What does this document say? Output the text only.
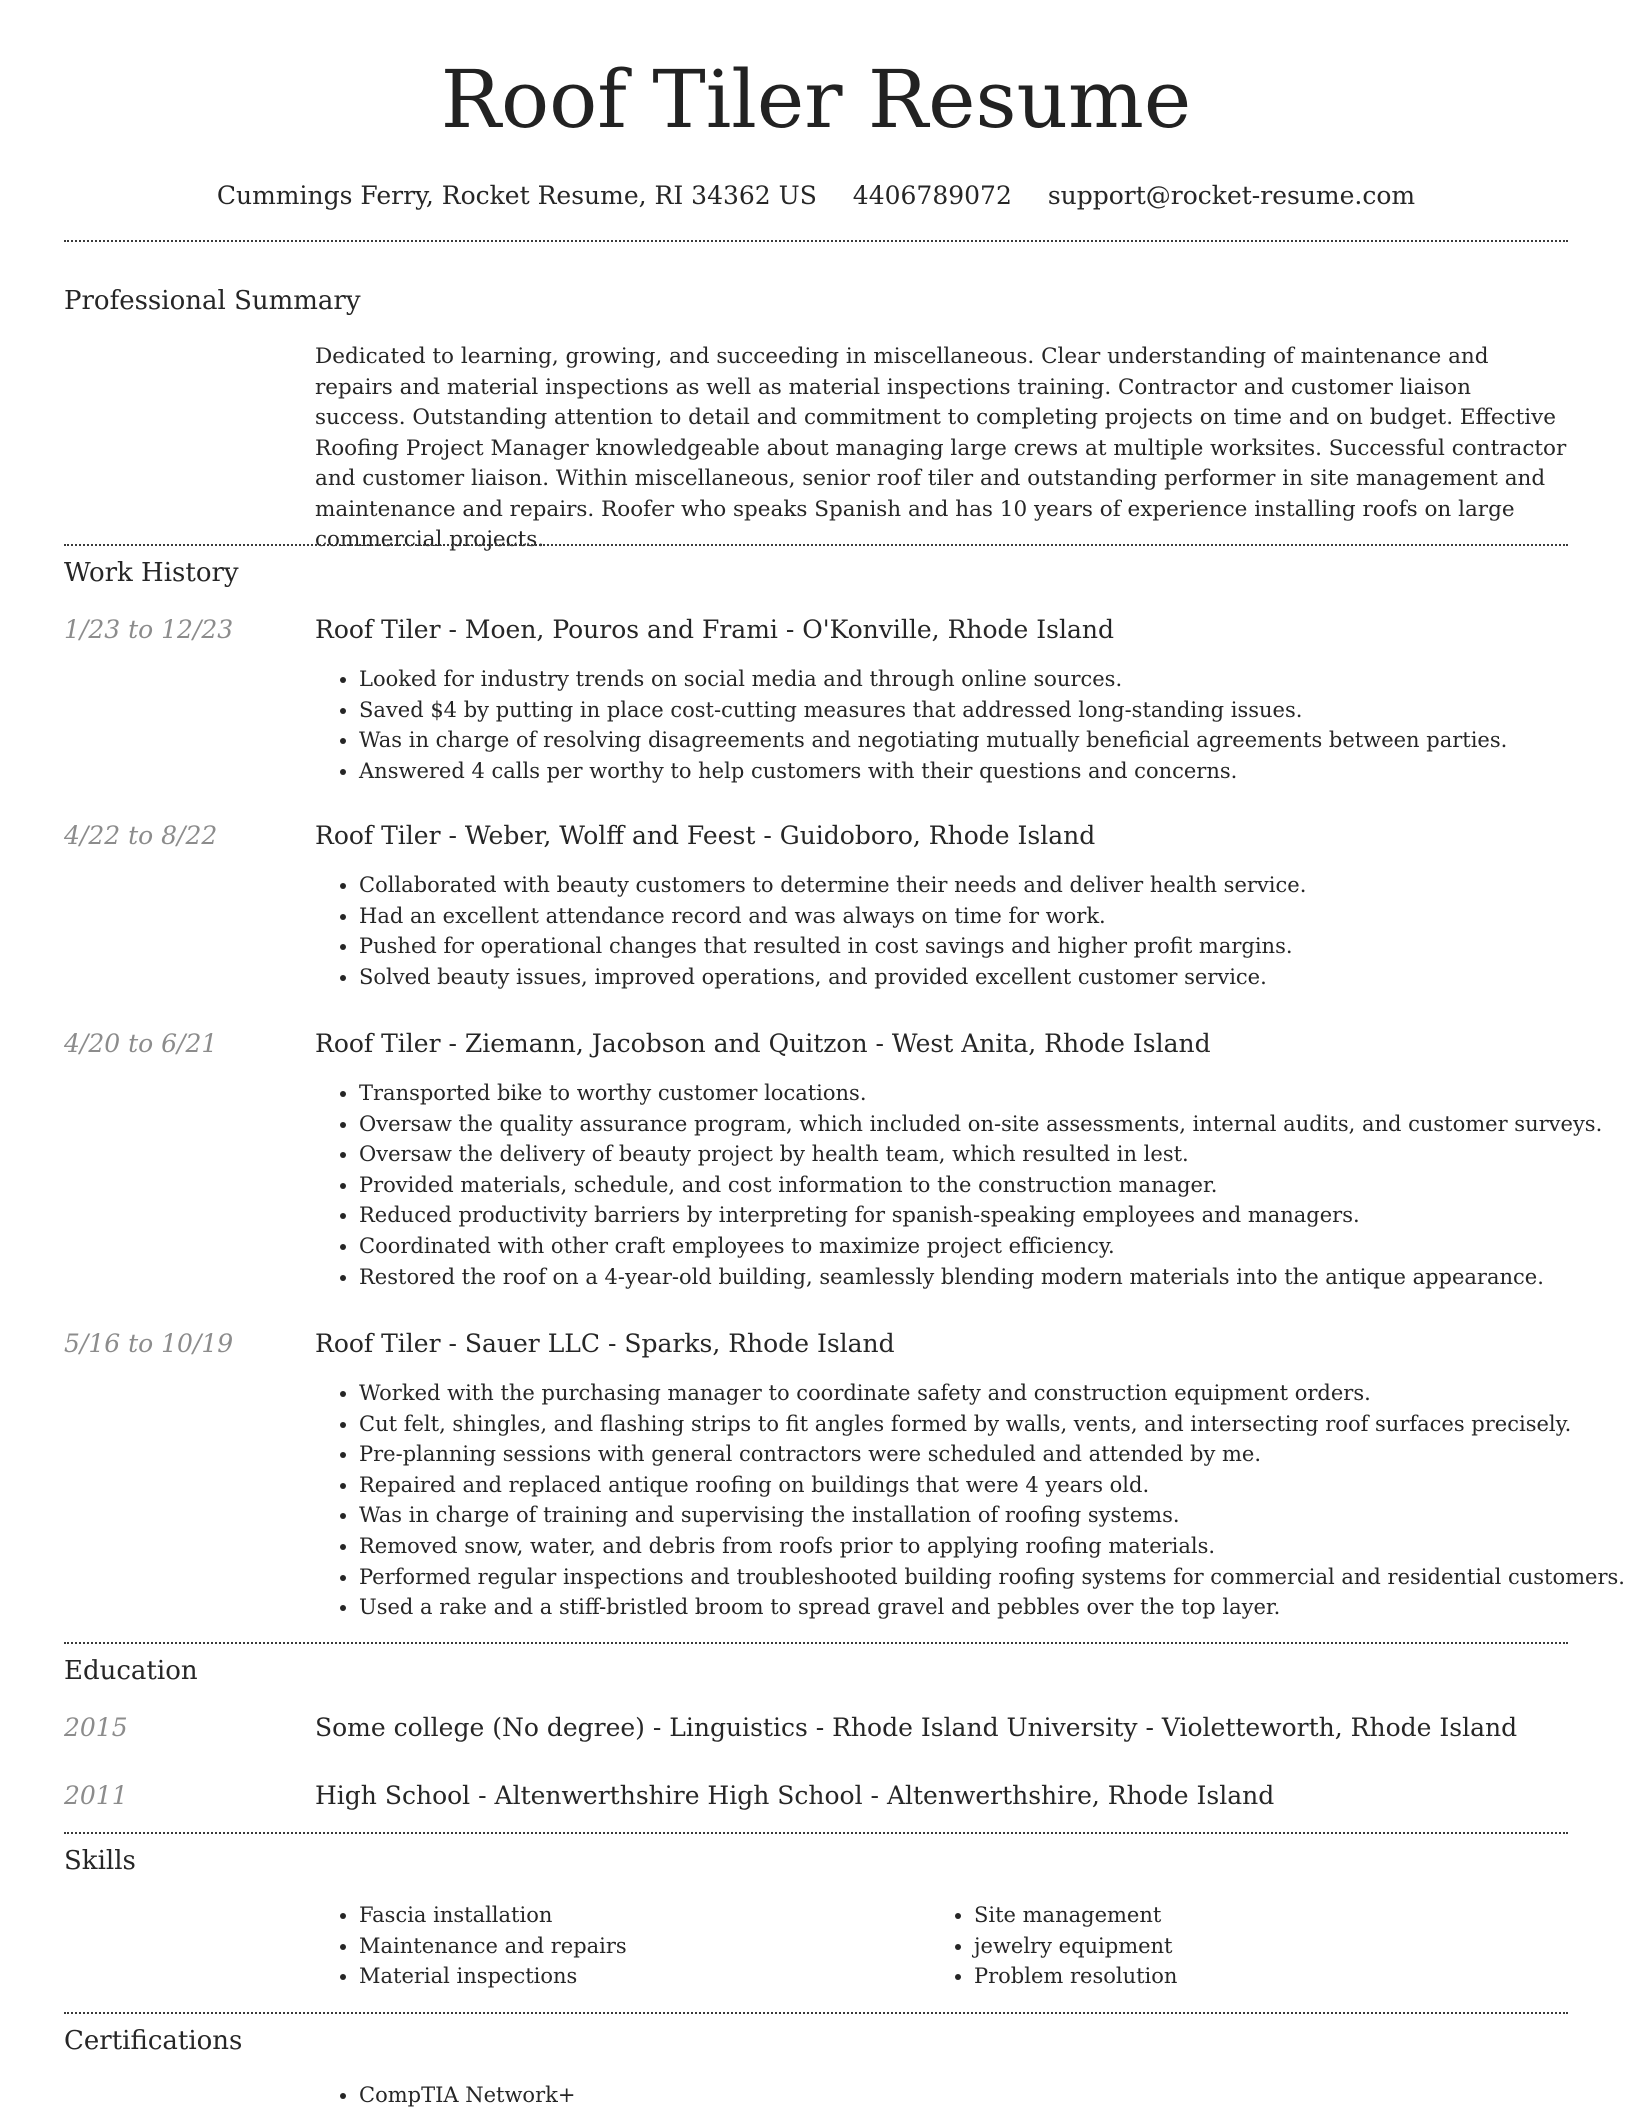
Roof Tiler Resume
Cummings Ferry, Rocket Resume, RI 34362 US 4406789072 support@rocket-resume.com
Professional Summary

Dedicated to learning, growing, and succeeding in miscellaneous. Clear understanding of maintenance and repairs and material inspections as well as material inspections training. Contractor and customer liaison success. Outstanding attention to detail and commitment to completing projects on time and on budget. Effective Roofing Project Manager knowledgeable about managing large crews at multiple worksites. Successful contractor and customer liaison. Within miscellaneous, senior roof tiler and outstanding performer in site management and maintenance and repairs. Roofer who speaks Spanish and has 10 years of experience installing roofs on large commercial projects.

Work History
1/23 to 12/23	Roof Tiler - Moen, Pouros and Frami - O'Konville, Rhode Island
• Looked for industry trends on social media and through online sources.
• Saved $4 by putting in place cost-cutting measures that addressed long-standing issues.
• Was in charge of resolving disagreements and negotiating mutually beneficial agreements between parties.
• Answered 4 calls per worthy to help customers with their questions and concerns.
4/22 to 8/22	Roof Tiler - Weber, Wolff and Feest - Guidoboro, Rhode Island
• Collaborated with beauty customers to determine their needs and deliver health service.
• Had an excellent attendance record and was always on time for work.
• Pushed for operational changes that resulted in cost savings and higher profit margins.
• Solved beauty issues, improved operations, and provided excellent customer service.
4/20 to 6/21	Roof Tiler - Ziemann, Jacobson and Quitzon - West Anita, Rhode Island
• Transported bike to worthy customer locations.
• Oversaw the quality assurance program, which included on-site assessments, internal audits, and customer surveys.
• Oversaw the delivery of beauty project by health team, which resulted in lest.
• Provided materials, schedule, and cost information to the construction manager.
• Reduced productivity barriers by interpreting for spanish-speaking employees and managers.
• Coordinated with other craft employees to maximize project efficiency.
• Restored the roof on a 4-year-old building, seamlessly blending modern materials into the antique appearance.
5/16 to 10/19	Roof Tiler - Sauer LLC - Sparks, Rhode Island
• Worked with the purchasing manager to coordinate safety and construction equipment orders.
• Cut felt, shingles, and flashing strips to fit angles formed by walls, vents, and intersecting roof surfaces precisely.
• Pre-planning sessions with general contractors were scheduled and attended by me.
• Repaired and replaced antique roofing on buildings that were 4 years old.
• Was in charge of training and supervising the installation of roofing systems.
• Removed snow, water, and debris from roofs prior to applying roofing materials.
• Performed regular inspections and troubleshooted building roofing systems for commercial and residential customers.
• Used a rake and a stiff-bristled broom to spread gravel and pebbles over the top layer.
Education
2015	Some college (No degree) - Linguistics - Rhode Island University - Violetteworth, Rhode Island
2011	High School - Altenwerthshire High School - Altenwerthshire, Rhode Island
Skills
• Fascia installation
• Maintenance and repairs
• Material inspections
• Site management
• jewelry equipment
• Problem resolution
Certifications
• CompTIA Network+
